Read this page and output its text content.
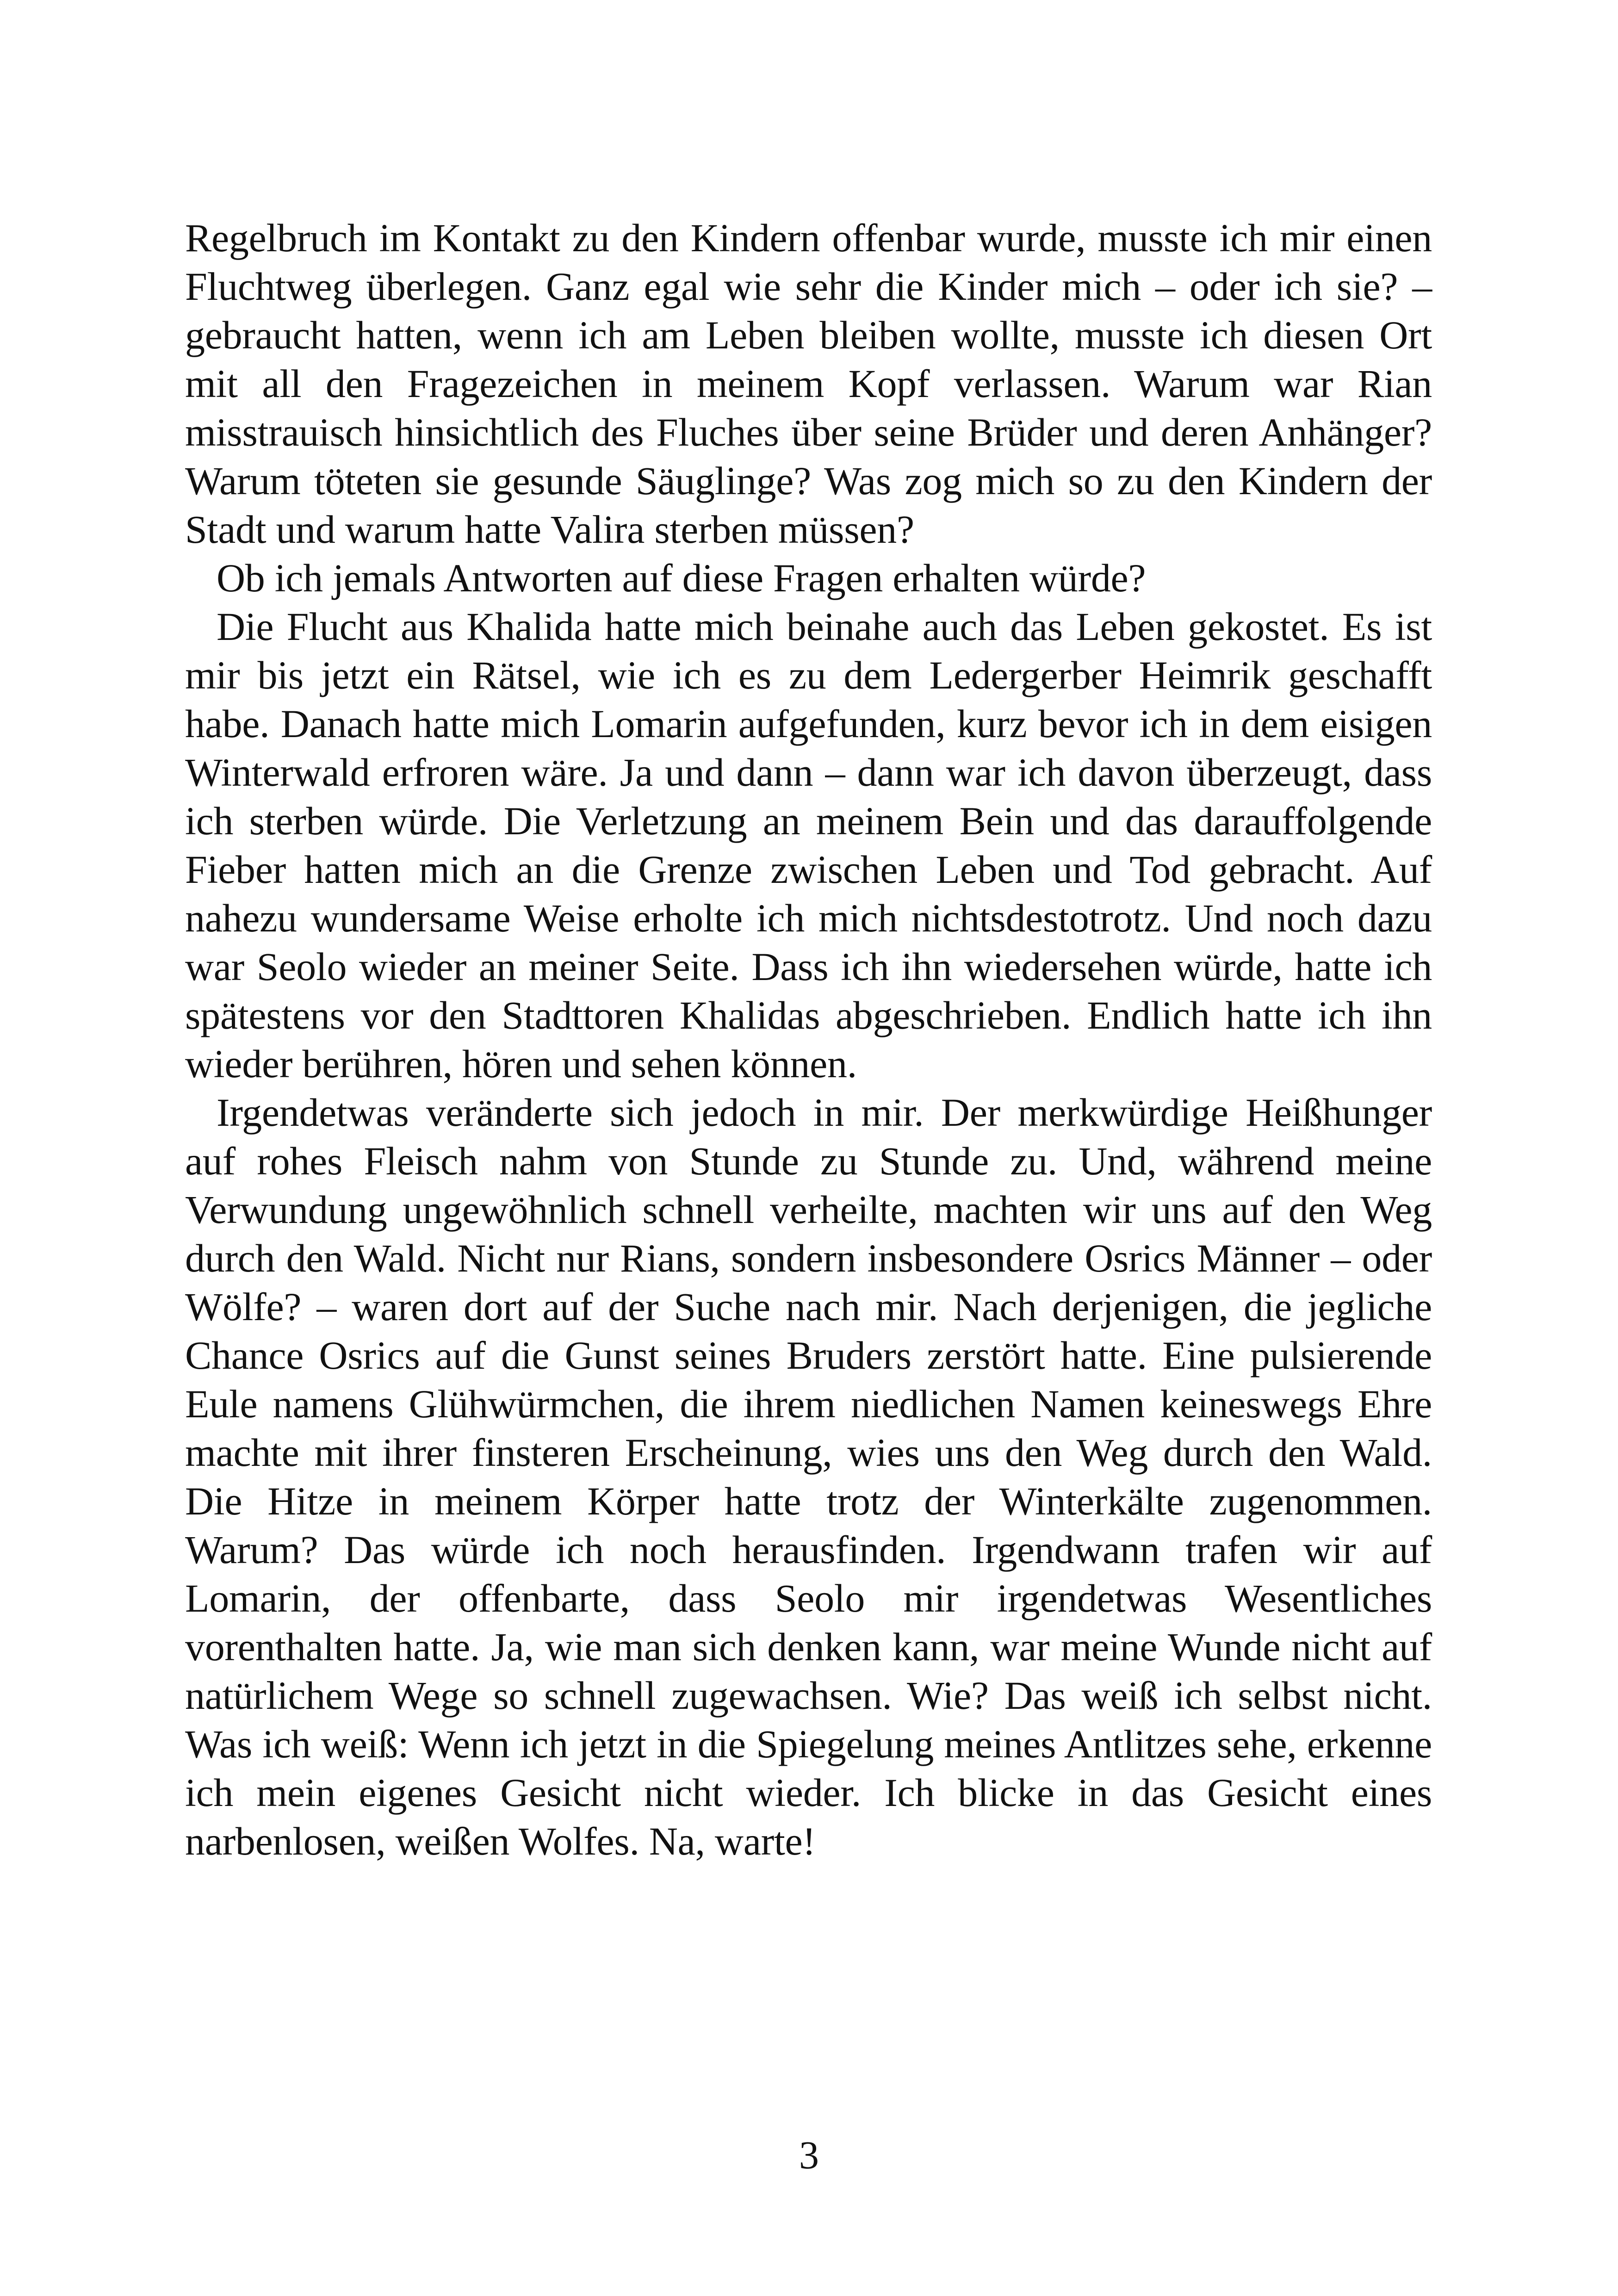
Regelbruch im Kontakt zu den Kindern offenbar wurde, musste ich mir einen Fluchtweg überlegen. Ganz egal wie sehr die Kinder mich – oder ich sie? – gebraucht hatten, wenn ich am Leben bleiben wollte, musste ich diesen Ort mit all den Fragezeichen in meinem Kopf verlassen. Warum war Rian misstrauisch hinsichtlich des Fluches über seine Brüder und deren Anhänger? Warum töteten sie gesunde Säuglinge? Was zog mich so zu den Kindern der Stadt und warum hatte Valira sterben müssen?

Ob ich jemals Antworten auf diese Fragen erhalten würde?

Die Flucht aus Khalida hatte mich beinahe auch das Leben gekostet. Es ist mir bis jetzt ein Rätsel, wie ich es zu dem Ledergerber Heimrik geschafft habe. Danach hatte mich Lomarin aufgefunden, kurz bevor ich in dem eisigen Winterwald erfroren wäre. Ja und dann – dann war ich davon überzeugt, dass ich sterben würde. Die Verletzung an meinem Bein und das darauffolgende Fieber hatten mich an die Grenze zwischen Leben und Tod gebracht. Auf nahezu wundersame Weise erholte ich mich nichtsdestotrotz. Und noch dazu war Seolo wieder an meiner Seite. Dass ich ihn wiedersehen würde, hatte ich spätestens vor den Stadttoren Khalidas abgeschrieben. Endlich hatte ich ihn wieder berühren, hören und sehen können.

Irgendetwas veränderte sich jedoch in mir. Der merkwürdige Heißhunger auf rohes Fleisch nahm von Stunde zu Stunde zu. Und, während meine Verwundung ungewöhnlich schnell verheilte, machten wir uns auf den Weg durch den Wald. Nicht nur Rians, sondern insbesondere Osrics Männer – oder Wölfe? – waren dort auf der Suche nach mir. Nach derjenigen, die jegliche Chance Osrics auf die Gunst seines Bruders zerstört hatte. Eine pulsierende Eule namens Glühwürmchen, die ihrem niedlichen Namen keineswegs Ehre machte mit ihrer finsteren Erscheinung, wies uns den Weg durch den Wald. Die Hitze in meinem Körper hatte trotz der Winterkälte zugenommen. Warum? Das würde ich noch herausfinden. Irgendwann trafen wir auf Lomarin, der offenbarte, dass Seolo mir irgendetwas Wesentliches vorenthalten hatte. Ja, wie man sich denken kann, war meine Wunde nicht auf natürlichem Wege so schnell zugewachsen. Wie? Das weiß ich selbst nicht. Was ich weiß: Wenn ich jetzt in die Spiegelung meines Antlitzes sehe, erkenne ich mein eigenes Gesicht nicht wieder. Ich blicke in das Gesicht eines narbenlosen, weißen Wolfes. Na, warte!

3
